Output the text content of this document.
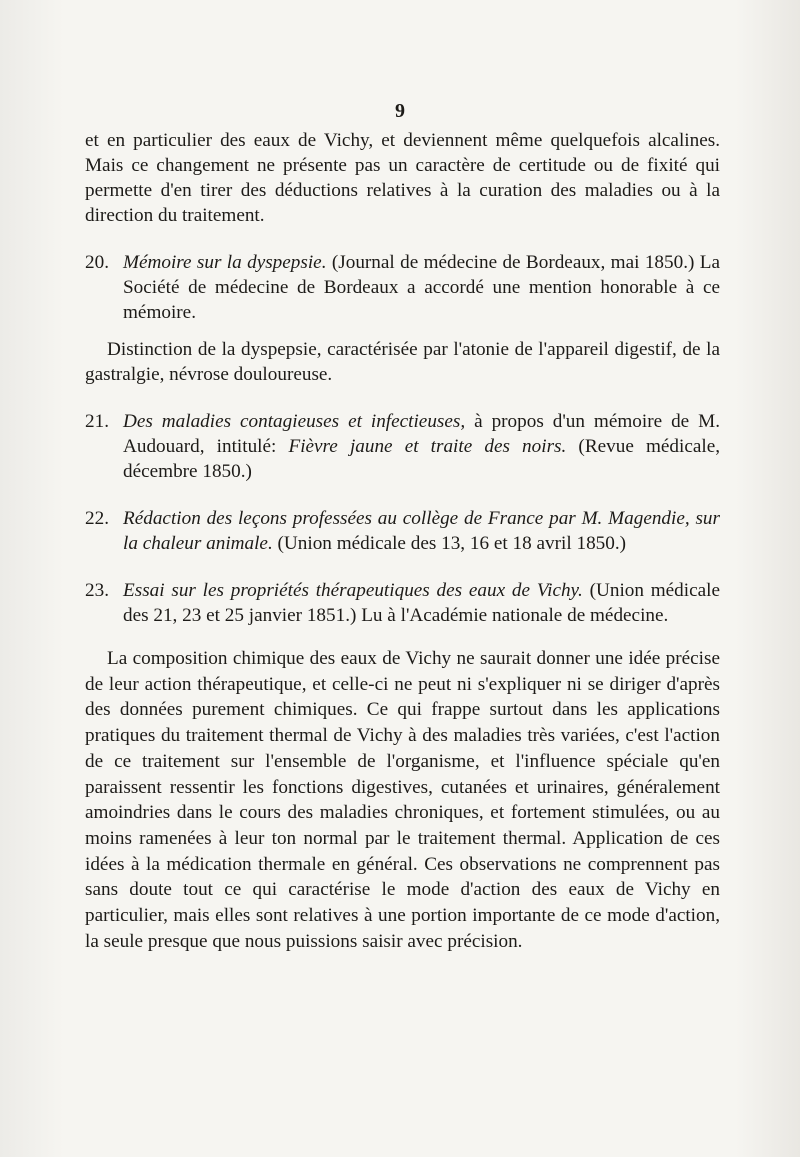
9

et en particulier des eaux de Vichy, et deviennent même quelquefois alcalines. Mais ce changement ne présente pas un caractère de certitude ou de fixité qui permette d'en tirer des déductions relatives à la curation des maladies ou à la direction du traitement.

20. Mémoire sur la dyspepsie. (Journal de médecine de Bordeaux, mai 1850.) La Société de médecine de Bordeaux a accordé une mention honorable à ce mémoire.

Distinction de la dyspepsie, caractérisée par l'atonie de l'appareil digestif, de la gastralgie, névrose douloureuse.

21. Des maladies contagieuses et infectieuses, à propos d'un mémoire de M. Audouard, intitulé: Fièvre jaune et traite des noirs. (Revue médicale, décembre 1850.)
22. Rédaction des leçons professées au collège de France par M. Magendie, sur la chaleur animale. (Union médicale des 13, 16 et 18 avril 1850.)
23. Essai sur les propriétés thérapeutiques des eaux de Vichy. (Union médicale des 21, 23 et 25 janvier 1851.) Lu à l'Académie nationale de médecine.

La composition chimique des eaux de Vichy ne saurait donner une idée précise de leur action thérapeutique, et celle-ci ne peut ni s'expliquer ni se diriger d'après des données purement chimiques. Ce qui frappe surtout dans les applications pratiques du traitement thermal de Vichy à des maladies très variées, c'est l'action de ce traitement sur l'ensemble de l'organisme, et l'influence spéciale qu'en paraissent ressentir les fonctions digestives, cutanées et urinaires, généralement amoindries dans le cours des maladies chroniques, et fortement stimulées, ou au moins ramenées à leur ton normal par le traitement thermal. Application de ces idées à la médication thermale en général. Ces observations ne comprennent pas sans doute tout ce qui caractérise le mode d'action des eaux de Vichy en particulier, mais elles sont relatives à une portion importante de ce mode d'action, la seule presque que nous puissions saisir avec précision.
